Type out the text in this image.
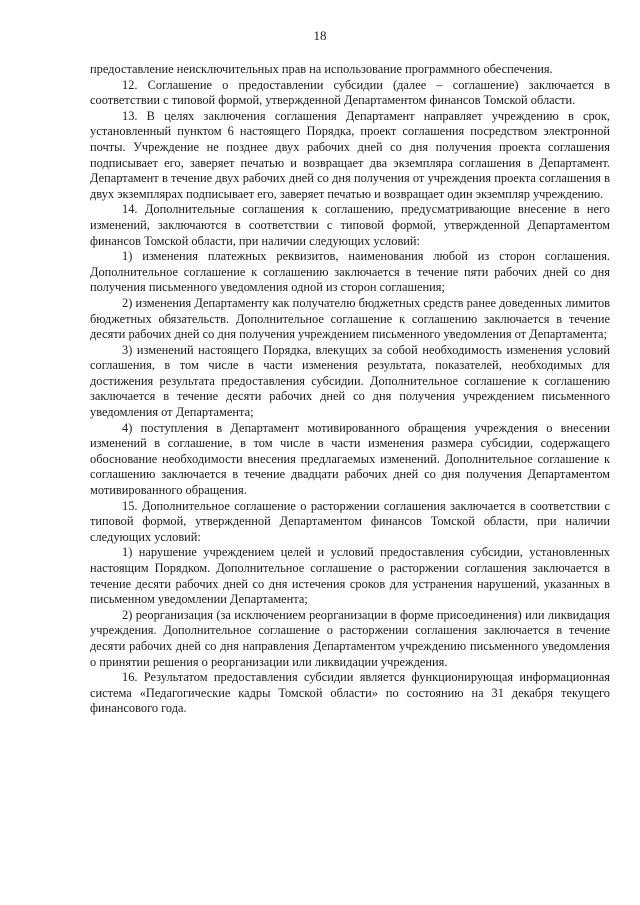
18

предоставление неисключительных прав на использование программного обеспечения.

12. Соглашение о предоставлении субсидии (далее – соглашение) заключается в соответствии с типовой формой, утвержденной Департаментом финансов Томской области.

13. В целях заключения соглашения Департамент направляет учреждению в срок, установленный пунктом 6 настоящего Порядка, проект соглашения посредством электронной почты. Учреждение не позднее двух рабочих дней со дня получения проекта соглашения подписывает его, заверяет печатью и возвращает два экземпляра соглашения в Департамент. Департамент в течение двух рабочих дней со дня получения от учреждения проекта соглашения в двух экземплярах подписывает его, заверяет печатью и возвращает один экземпляр учреждению.

14. Дополнительные соглашения к соглашению, предусматривающие внесение в него изменений, заключаются в соответствии с типовой формой, утвержденной Департаментом финансов Томской области, при наличии следующих условий:

1) изменения платежных реквизитов, наименования любой из сторон соглашения. Дополнительное соглашение к соглашению заключается в течение пяти рабочих дней со дня получения письменного уведомления одной из сторон соглашения;

2) изменения Департаменту как получателю бюджетных средств ранее доведенных лимитов бюджетных обязательств. Дополнительное соглашение к соглашению заключается в течение десяти рабочих дней со дня получения учреждением письменного уведомления от Департамента;

3) изменений настоящего Порядка, влекущих за собой необходимость изменения условий соглашения, в том числе в части изменения результата, показателей, необходимых для достижения результата предоставления субсидии. Дополнительное соглашение к соглашению заключается в течение десяти рабочих дней со дня получения учреждением письменного уведомления от Департамента;

4) поступления в Департамент мотивированного обращения учреждения о внесении изменений в соглашение, в том числе в части изменения размера субсидии, содержащего обоснование необходимости внесения предлагаемых изменений. Дополнительное соглашение к соглашению заключается в течение двадцати рабочих дней со дня получения Департаментом мотивированного обращения.

15. Дополнительное соглашение о расторжении соглашения заключается в соответствии с типовой формой, утвержденной Департаментом финансов Томской области, при наличии следующих условий:

1) нарушение учреждением целей и условий предоставления субсидии, установленных настоящим Порядком. Дополнительное соглашение о расторжении соглашения заключается в течение десяти рабочих дней со дня истечения сроков для устранения нарушений, указанных в письменном уведомлении Департамента;

2) реорганизация (за исключением реорганизации в форме присоединения) или ликвидация учреждения. Дополнительное соглашение о расторжении соглашения заключается в течение десяти рабочих дней со дня направления Департаментом учреждению письменного уведомления о принятии решения о реорганизации или ликвидации учреждения.

16. Результатом предоставления субсидии является функционирующая информационная система «Педагогические кадры Томской области» по состоянию на 31 декабря текущего финансового года.
